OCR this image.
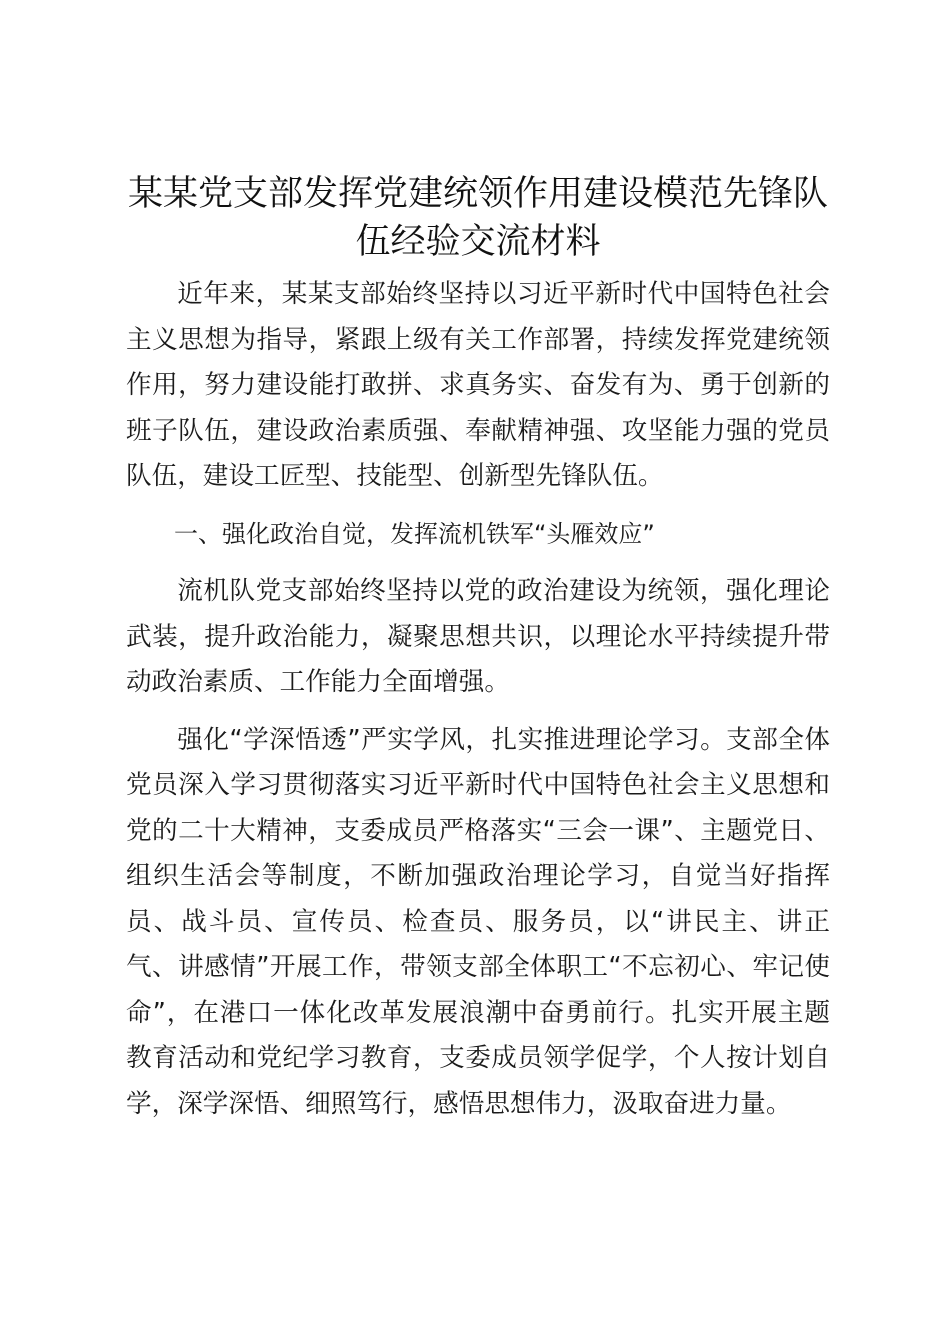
某某党支部发挥党建统领作用建设模范先锋队
伍经验交流材料

近年来，某某支部始终坚持以习近平新时代中国特色社会主义思想为指导，紧跟上级有关工作部署，持续发挥党建统领作用，努力建设能打敢拼、求真务实、奋发有为、勇于创新的班子队伍，建设政治素质强、奉献精神强、攻坚能力强的党员队伍，建设工匠型、技能型、创新型先锋队伍。

一、强化政治自觉，发挥流机铁军“头雁效应”

流机队党支部始终坚持以党的政治建设为统领，强化理论武装，提升政治能力，凝聚思想共识，以理论水平持续提升带动政治素质、工作能力全面增强。

强化“学深悟透”严实学风，扎实推进理论学习。支部全体党员深入学习贯彻落实习近平新时代中国特色社会主义思想和党的二十大精神，支委成员严格落实“三会一课”、主题党日、组织生活会等制度，不断加强政治理论学习，自觉当好指挥员、战斗员、宣传员、检查员、服务员，以“讲民主、讲正气、讲感情”开展工作，带领支部全体职工“不忘初心、牢记使命”，在港口一体化改革发展浪潮中奋勇前行。扎实开展主题教育活动和党纪学习教育，支委成员领学促学，个人按计划自学，深学深悟、细照笃行，感悟思想伟力，汲取奋进力量。
